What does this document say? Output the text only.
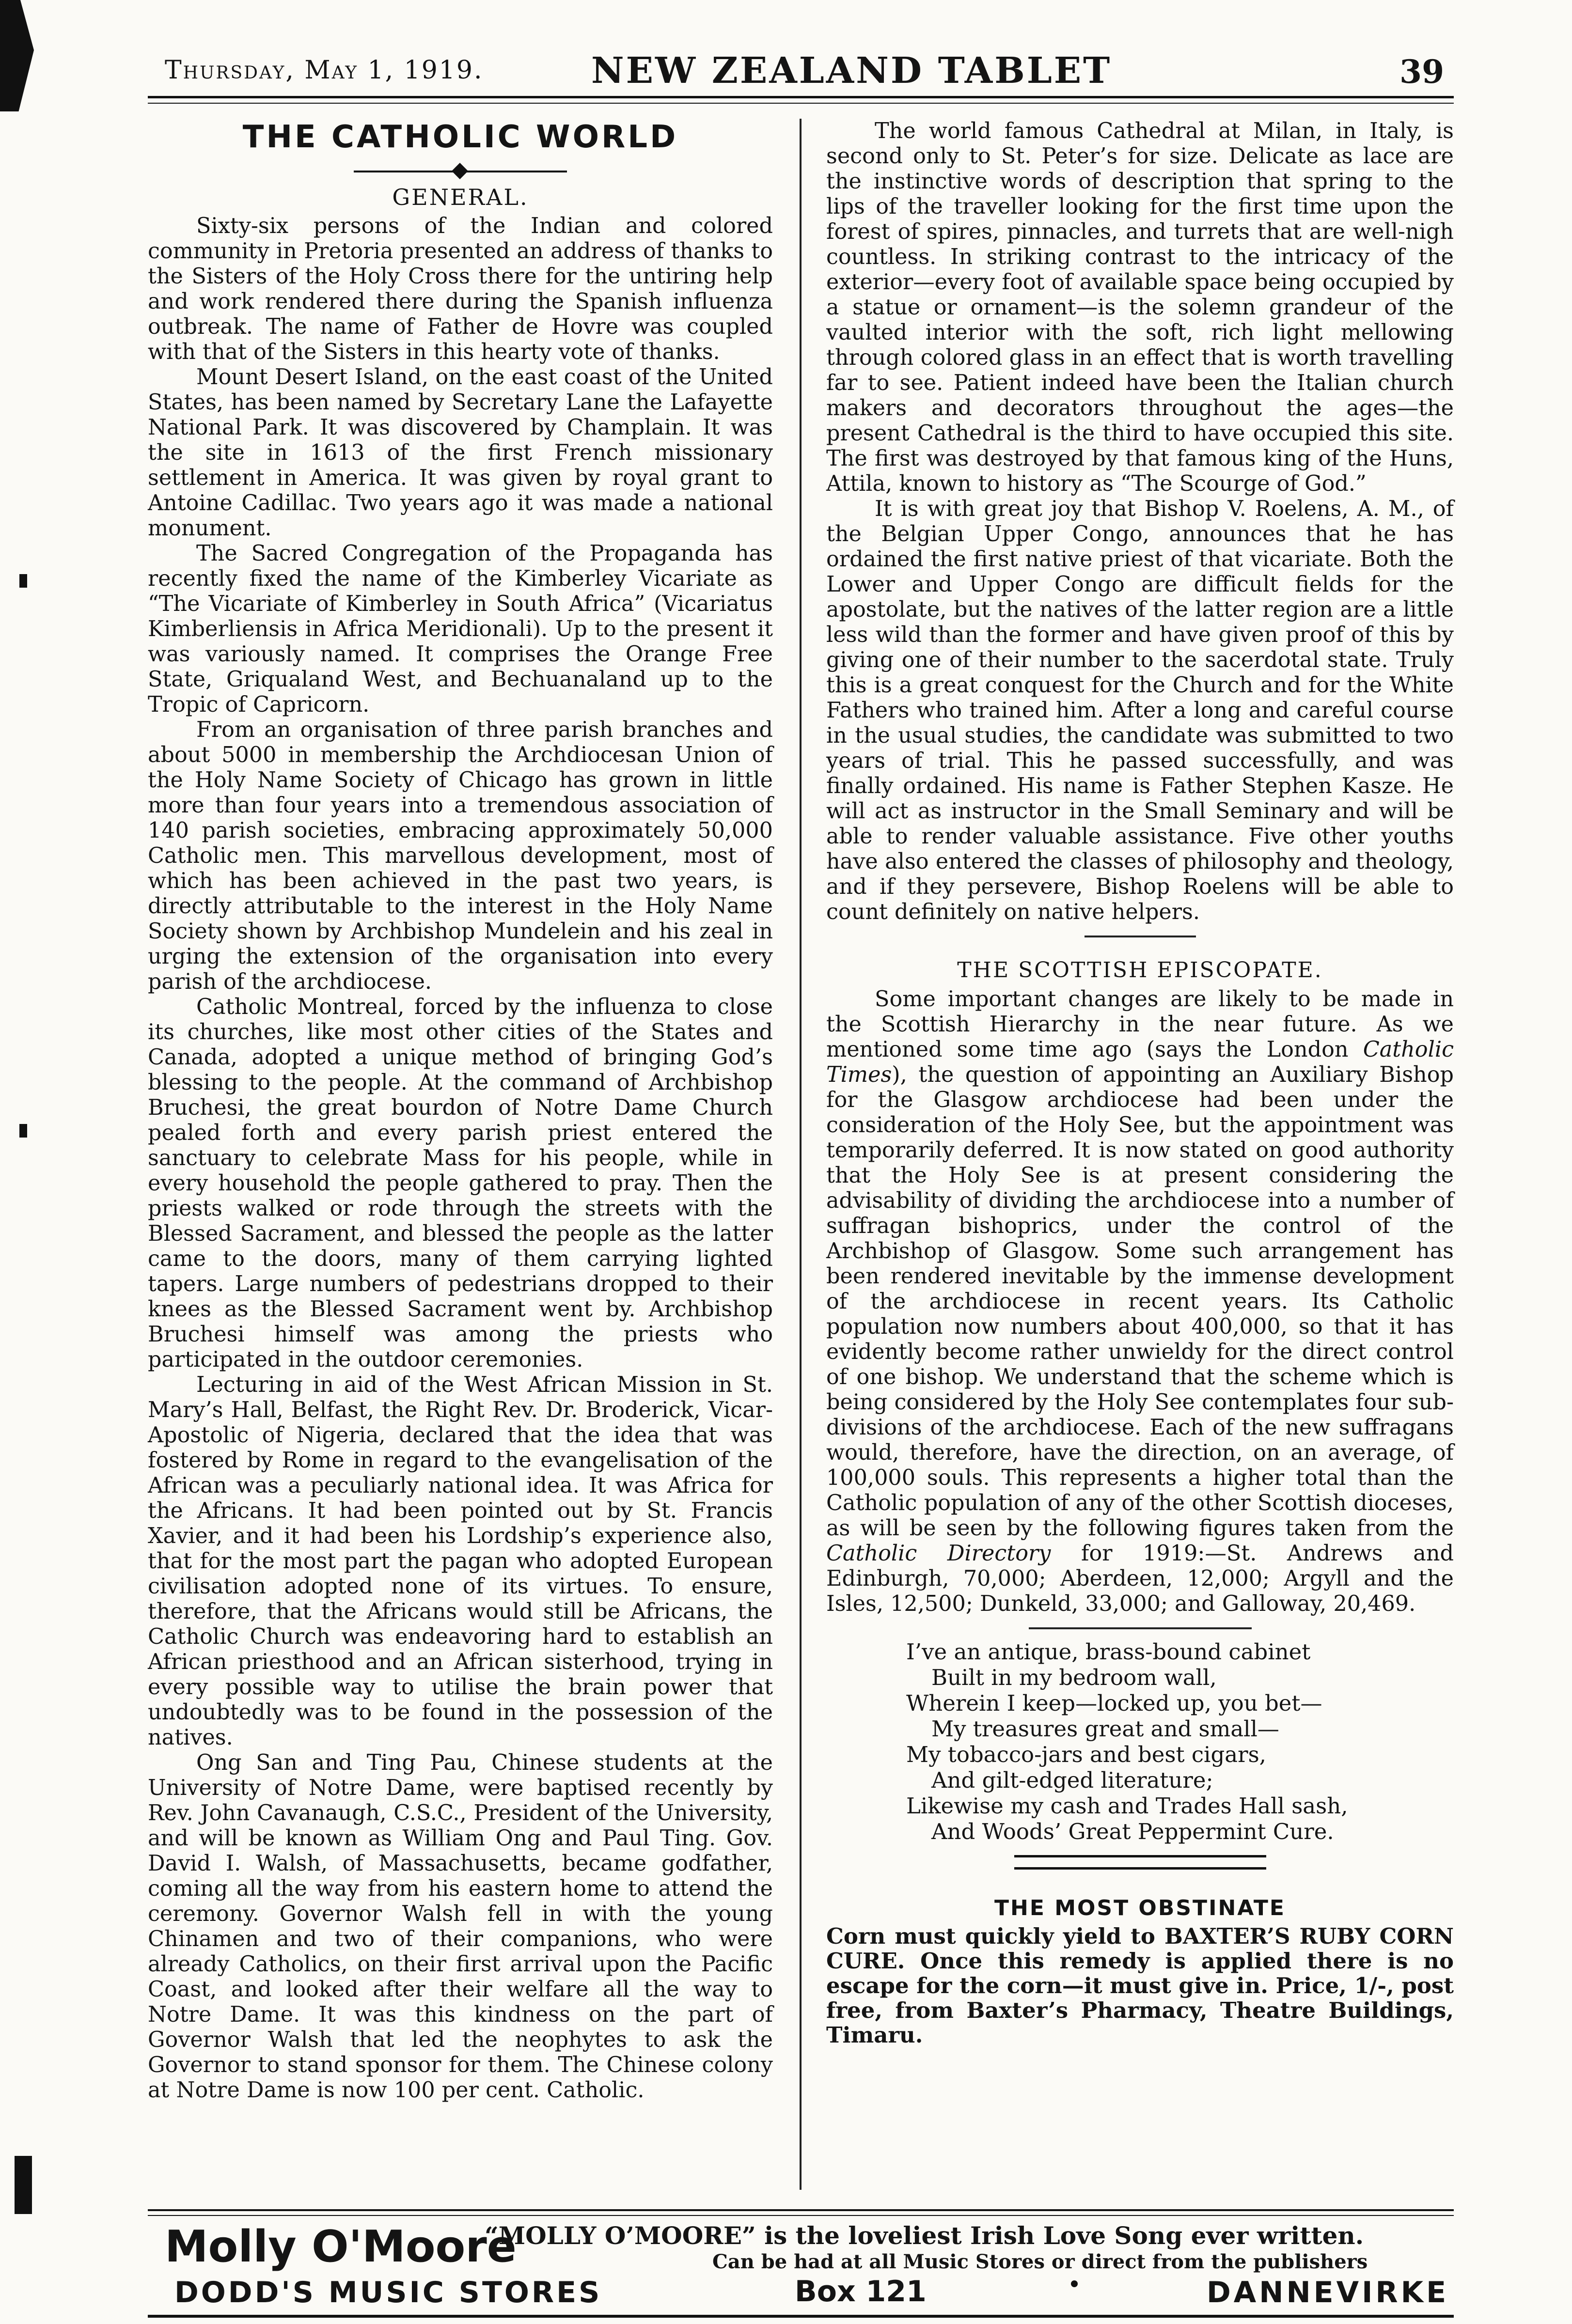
Thursday, May 1, 1919.	NEW ZEALAND TABLET	39
THE CATHOLIC WORLD
GENERAL.

Sixty-six persons of the Indian and colored community in Pretoria presented an address of thanks to the Sisters of the Holy Cross there for the untiring help and work rendered there during the Spanish influenza outbreak. The name of Father de Hovre was coupled with that of the Sisters in this hearty vote of thanks.

Mount Desert Island, on the east coast of the United States, has been named by Secretary Lane the Lafayette National Park. It was discovered by Champlain. It was the site in 1613 of the first French missionary settlement in America. It was given by royal grant to Antoine Cadillac. Two years ago it was made a national monument.

The Sacred Congregation of the Propaganda has recently fixed the name of the Kimberley Vicariate as “The Vicariate of Kimberley in South Africa” (Vicariatus Kimberliensis in Africa Meridionali). Up to the present it was variously named. It comprises the Orange Free State, Griqualand West, and Bechuanaland up to the Tropic of Capricorn.

From an organisation of three parish branches and about 5000 in membership the Archdiocesan Union of the Holy Name Society of Chicago has grown in little more than four years into a tremendous association of 140 parish societies, embracing approximately 50,000 Catholic men. This marvellous development, most of which has been achieved in the past two years, is directly attributable to the interest in the Holy Name Society shown by Archbishop Mundelein and his zeal in urging the extension of the organisation into every parish of the archdiocese.

Catholic Montreal, forced by the influenza to close its churches, like most other cities of the States and Canada, adopted a unique method of bringing God’s blessing to the people. At the command of Archbishop Bruchesi, the great bourdon of Notre Dame Church pealed forth and every parish priest entered the sanctuary to celebrate Mass for his people, while in every household the people gathered to pray. Then the priests walked or rode through the streets with the Blessed Sacrament, and blessed the people as the latter came to the doors, many of them carrying lighted tapers. Large numbers of pedestrians dropped to their knees as the Blessed Sacrament went by. Archbishop Bruchesi himself was among the priests who participated in the outdoor ceremonies.

Lecturing in aid of the West African Mission in St. Mary’s Hall, Belfast, the Right Rev. Dr. Broderick, Vicar-Apostolic of Nigeria, declared that the idea that was fostered by Rome in regard to the evangelisation of the African was a peculiarly national idea. It was Africa for the Africans. It had been pointed out by St. Francis Xavier, and it had been his Lordship’s experience also, that for the most part the pagan who adopted European civilisation adopted none of its virtues. To ensure, therefore, that the Africans would still be Africans, the Catholic Church was endeavoring hard to establish an African priesthood and an African sisterhood, trying in every possible way to utilise the brain power that undoubtedly was to be found in the possession of the natives.

Ong San and Ting Pau, Chinese students at the University of Notre Dame, were baptised recently by Rev. John Cavanaugh, C.S.C., President of the University, and will be known as William Ong and Paul Ting. Gov. David I. Walsh, of Massachusetts, became godfather, coming all the way from his eastern home to attend the ceremony. Governor Walsh fell in with the young Chinamen and two of their companions, who were already Catholics, on their first arrival upon the Pacific Coast, and looked after their welfare all the way to Notre Dame. It was this kindness on the part of Governor Walsh that led the neophytes to ask the Governor to stand sponsor for them. The Chinese colony at Notre Dame is now 100 per cent. Catholic.

The world famous Cathedral at Milan, in Italy, is second only to St. Peter’s for size. Delicate as lace are the instinctive words of description that spring to the lips of the traveller looking for the first time upon the forest of spires, pinnacles, and turrets that are well-nigh countless. In striking contrast to the intricacy of the exterior—every foot of available space being occupied by a statue or ornament—is the solemn grandeur of the vaulted interior with the soft, rich light mellowing through colored glass in an effect that is worth travelling far to see. Patient indeed have been the Italian church makers and decorators throughout the ages—the present Cathedral is the third to have occupied this site. The first was destroyed by that famous king of the Huns, Attila, known to history as “The Scourge of God.”

It is with great joy that Bishop V. Roelens, A. M., of the Belgian Upper Congo, announces that he has ordained the first native priest of that vicariate. Both the Lower and Upper Congo are difficult fields for the apostolate, but the natives of the latter region are a little less wild than the former and have given proof of this by giving one of their number to the sacerdotal state. Truly this is a great conquest for the Church and for the White Fathers who trained him. After a long and careful course in the usual studies, the candidate was submitted to two years of trial. This he passed successfully, and was finally ordained. His name is Father Stephen Kasze. He will act as instructor in the Small Seminary and will be able to render valuable assistance. Five other youths have also entered the classes of philosophy and theology, and if they persevere, Bishop Roelens will be able to count definitely on native helpers.

THE SCOTTISH EPISCOPATE.

Some important changes are likely to be made in the Scottish Hierarchy in the near future. As we mentioned some time ago (says the London Catholic Times), the question of appointing an Auxiliary Bishop for the Glasgow archdiocese had been under the consideration of the Holy See, but the appointment was temporarily deferred. It is now stated on good authority that the Holy See is at present considering the advisability of dividing the archdiocese into a number of suffragan bishoprics, under the control of the Archbishop of Glasgow. Some such arrangement has been rendered inevitable by the immense development of the archdiocese in recent years. Its Catholic population now numbers about 400,000, so that it has evidently become rather unwieldy for the direct control of one bishop. We understand that the scheme which is being considered by the Holy See contemplates four sub-divisions of the archdiocese. Each of the new suffragans would, therefore, have the direction, on an average, of 100,000 souls. This represents a higher total than the Catholic population of any of the other Scottish dioceses, as will be seen by the following figures taken from the Catholic Directory for 1919:—St. Andrews and Edinburgh, 70,000; Aberdeen, 12,000; Argyll and the Isles, 12,500; Dunkeld, 33,000; and Galloway, 20,469.

I’ve an antique, brass-bound cabinet
Built in my bedroom wall,
Wherein I keep—locked up, you bet—
My treasures great and small—
My tobacco-jars and best cigars,
And gilt-edged literature;
Likewise my cash and Trades Hall sash,
And Woods’ Great Peppermint Cure.
THE MOST OBSTINATE
Corn must quickly yield to BAXTER’S RUBY CORN CURE. Once this remedy is applied there is no escape for the corn—it must give in. Price, 1/-, post free, from Baxter’s Pharmacy, Theatre Buildings, Timaru.
Molly O'Moore
“MOLLY O’MOORE” is the loveliest Irish Love Song ever written.
Can be had at all Music Stores or direct from the publishers
DODD'S MUSIC STORES	Box 121	DANNEVIRKE
